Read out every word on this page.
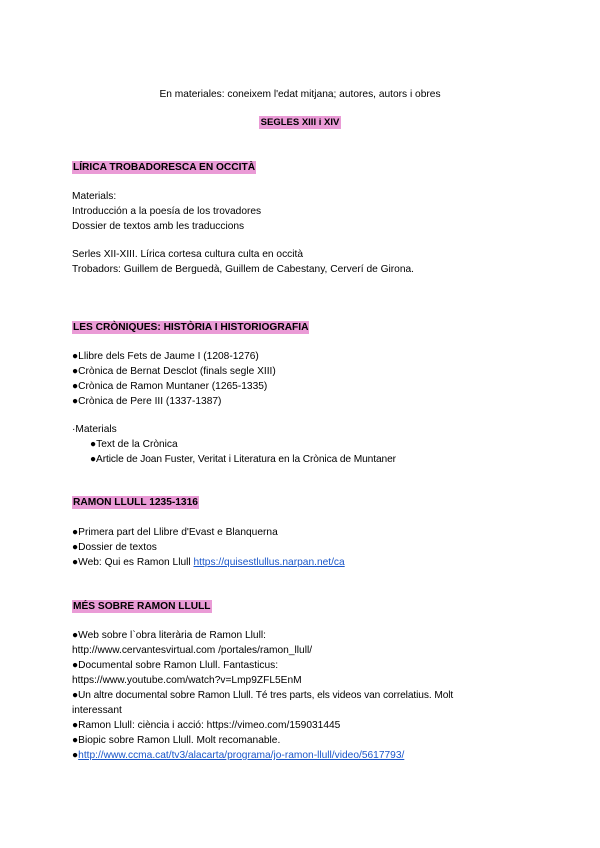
En materiales: coneixem l'edat mitjana; autores, autors i obres
SEGLES XIII i XIV
LÍRICA TROBADORESCA EN OCCITÀ
Materials:
Introducción a la poesía de los trovadores
Dossier de textos amb les traduccions
Serles XII-XIII. Lírica cortesa cultura culta en occità
Trobadors: Guillem de Berguedà, Guillem de Cabestany, Cerverí de Girona.
LES CRÒNIQUES: HISTÒRIA I HISTORIOGRAFIA
●Llibre dels Fets de Jaume I (1208-1276)
●Crònica de Bernat Desclot (finals segle XIII)
●Crònica de Ramon Muntaner (1265-1335)
●Crònica de Pere III (1337-1387)
·Materials
●Text de la Crònica
●Article de Joan Fuster, Veritat i Literatura en la Crònica de Muntaner
RAMON LLULL 1235-1316
●Primera part del Llibre d'Evast e Blanquerna
●Dossier de textos
●Web: Qui es Ramon Llull https://quisestlullus.narpan.net/ca
MÉS SOBRE RAMON LLULL
●Web sobre l`obra literària de Ramon Llull:
http://www.cervantesvirtual.com /portales/ramon_llull/
●Documental sobre Ramon Llull. Fantasticus:
https://www.youtube.com/watch?v=Lmp9ZFL5EnM
●Un altre documental sobre Ramon Llull. Té tres parts, els videos van correlatius. Molt
interessant
●Ramon Llull: ciència i acció: https://vimeo.com/159031445
●Biopic sobre Ramon Llull. Molt recomanable.
●http://www.ccma.cat/tv3/alacarta/programa/jo-ramon-llull/video/5617793/
